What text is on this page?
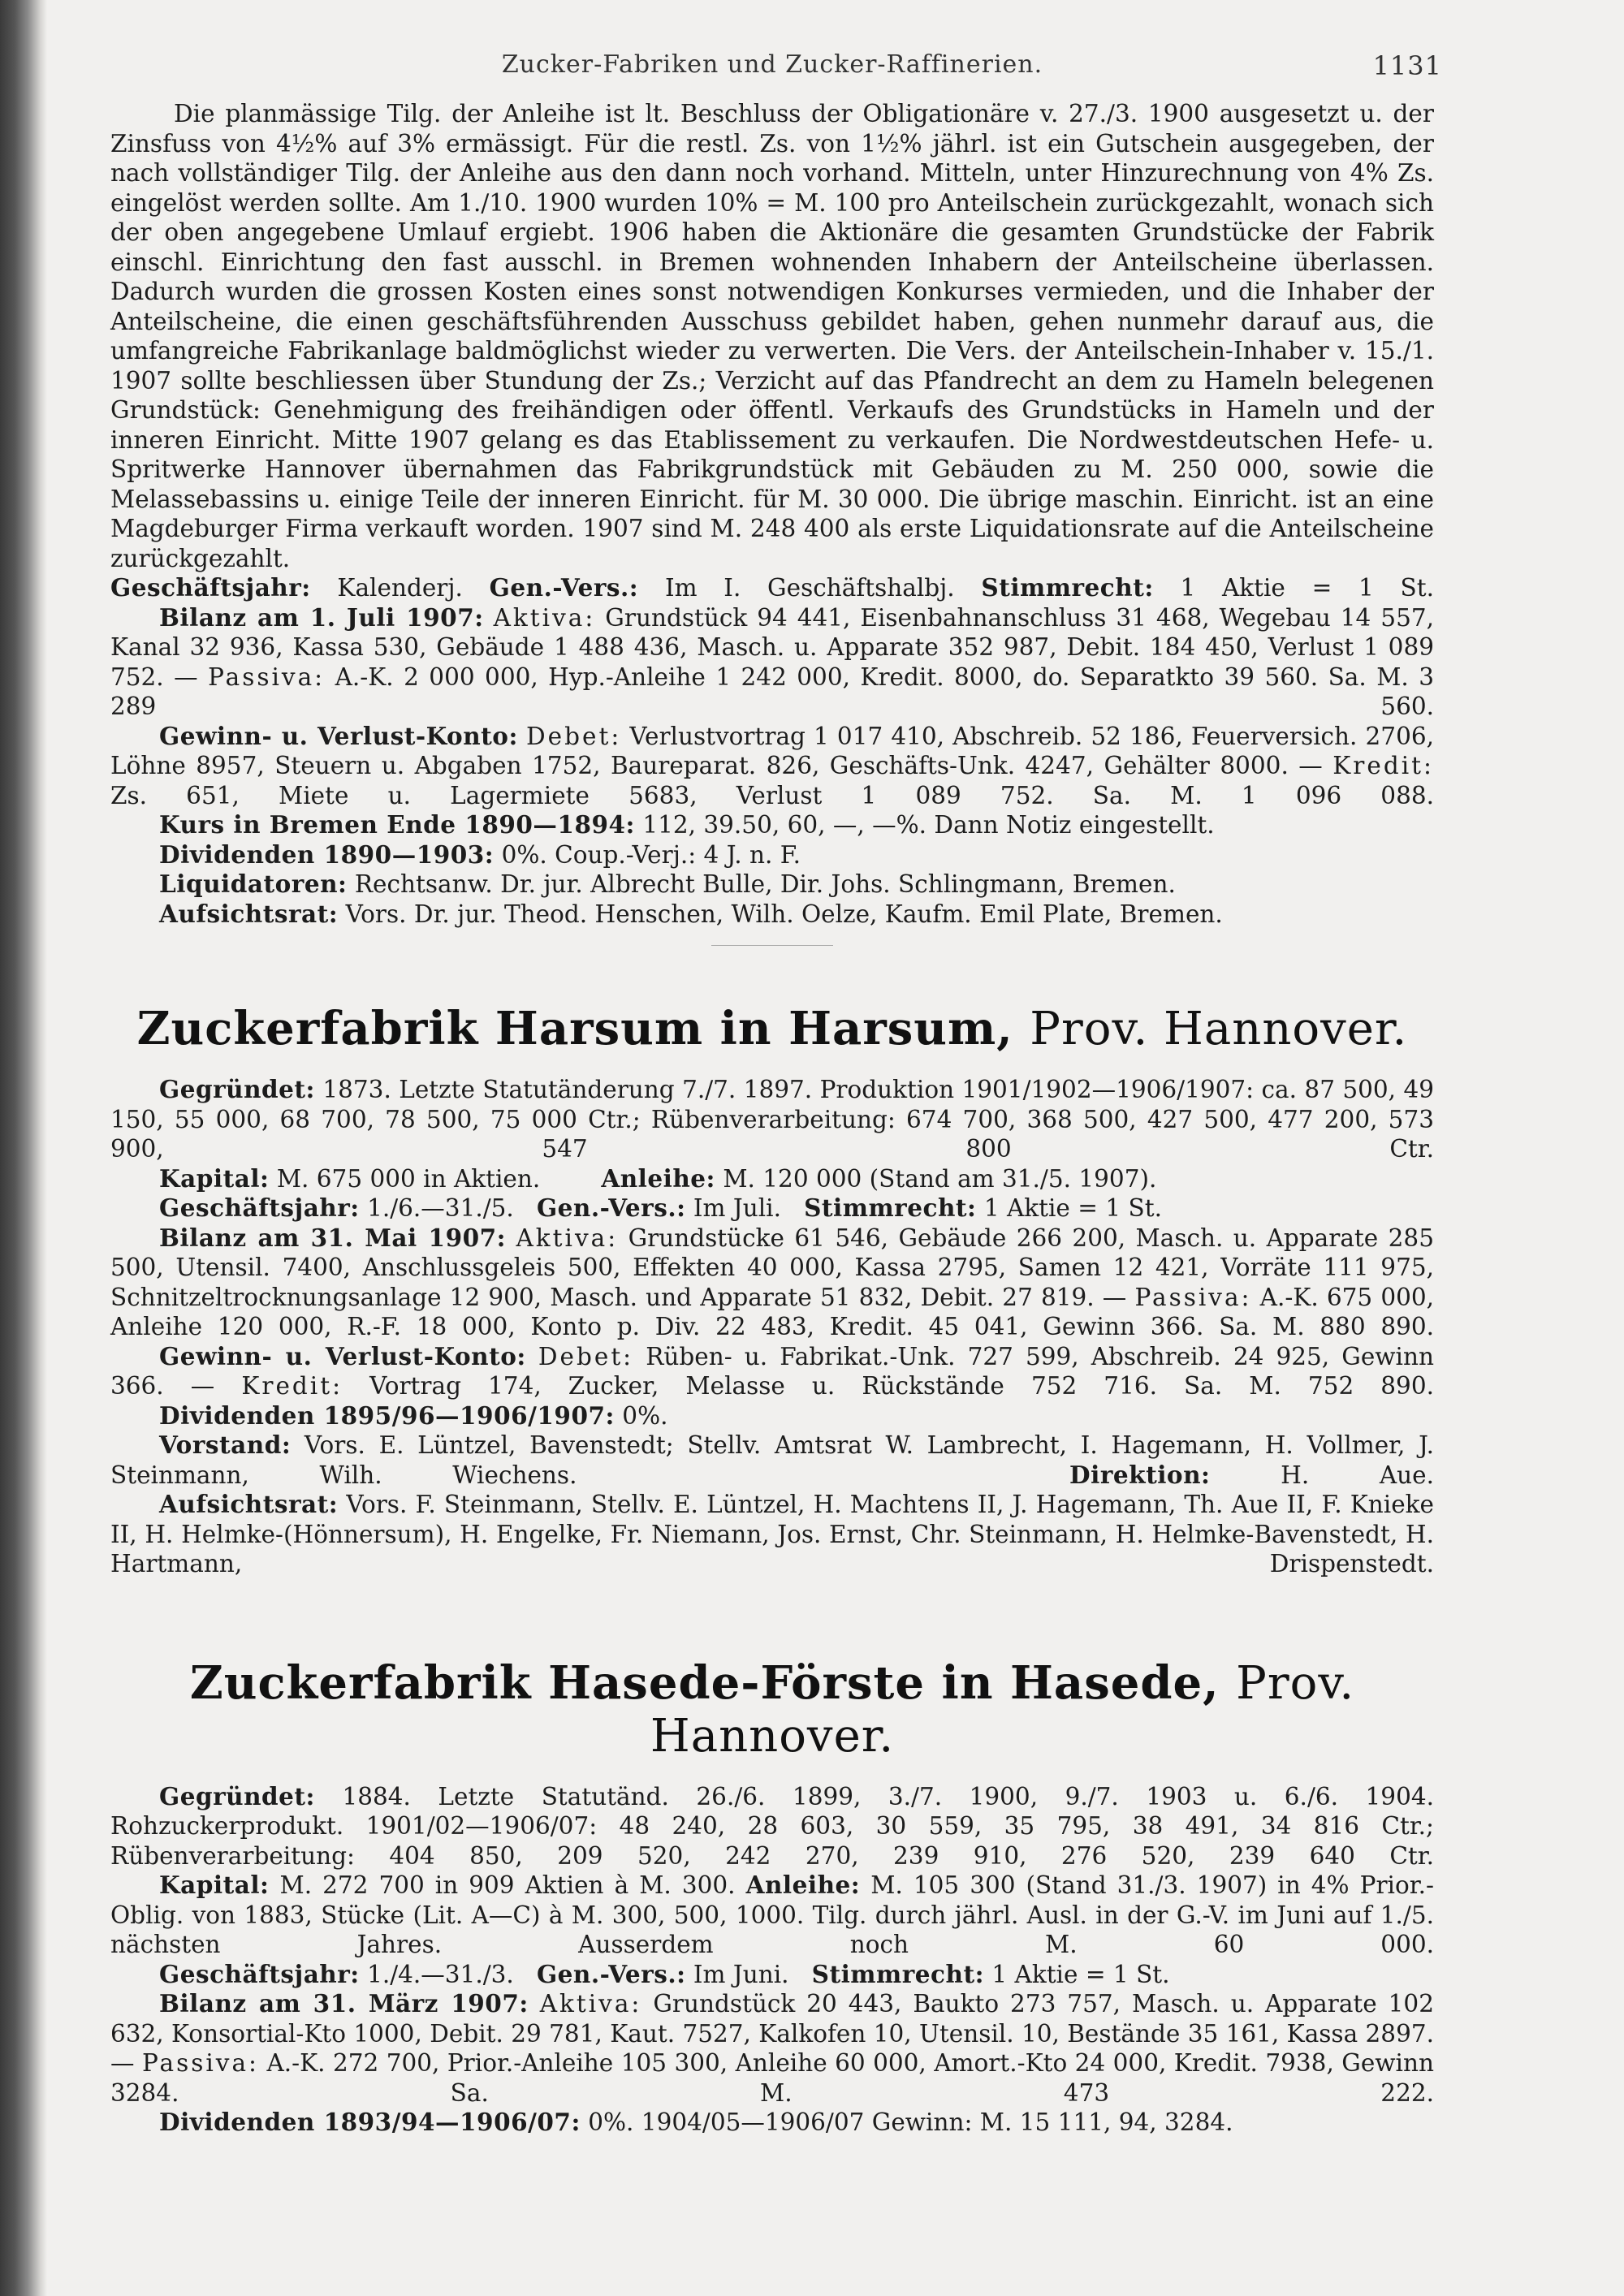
Zucker-Fabriken und Zucker-Raffinerien.	1131

Die planmässige Tilg. der Anleihe ist lt. Beschluss der Obligationäre v. 27./3. 1900 ausgesetzt u. der Zinsfuss von 4½% auf 3% ermässigt. Für die restl. Zs. von 1½% jährl. ist ein Gutschein ausgegeben, der nach vollständiger Tilg. der Anleihe aus den dann noch vorhand. Mitteln, unter Hinzurechnung von 4% Zs. eingelöst werden sollte. Am 1./10. 1900 wurden 10% = M. 100 pro Anteilschein zurückgezahlt, wonach sich der oben angegebene Umlauf ergiebt. 1906 haben die Aktionäre die gesamten Grundstücke der Fabrik einschl. Einrichtung den fast ausschl. in Bremen wohnenden Inhabern der Anteilscheine überlassen. Dadurch wurden die grossen Kosten eines sonst notwendigen Konkurses vermieden, und die Inhaber der Anteilscheine, die einen geschäftsführenden Ausschuss gebildet haben, gehen nunmehr darauf aus, die umfangreiche Fabrikanlage baldmöglichst wieder zu verwerten. Die Vers. der Anteilschein-Inhaber v. 15./1. 1907 sollte beschliessen über Stundung der Zs.; Verzicht auf das Pfandrecht an dem zu Hameln belegenen Grundstück: Genehmigung des freihändigen oder öffentl. Verkaufs des Grundstücks in Hameln und der inneren Einricht. Mitte 1907 gelang es das Etablissement zu verkaufen. Die Nordwestdeutschen Hefe- u. Spritwerke Hannover übernahmen das Fabrikgrundstück mit Gebäuden zu M. 250 000, sowie die Melassebassins u. einige Teile der inneren Einricht. für M. 30 000. Die übrige maschin. Einricht. ist an eine Magdeburger Firma verkauft worden. 1907 sind M. 248 400 als erste Liquidationsrate auf die Anteilscheine zurückgezahlt.

Geschäftsjahr: Kalenderj. Gen.-Vers.: Im I. Geschäftshalbj. Stimmrecht: 1 Aktie = 1 St.

Bilanz am 1. Juli 1907: Aktiva: Grundstück 94 441, Eisenbahnanschluss 31 468, Wegebau 14 557, Kanal 32 936, Kassa 530, Gebäude 1 488 436, Masch. u. Apparate 352 987, Debit. 184 450, Verlust 1 089 752. — Passiva: A.-K. 2 000 000, Hyp.-Anleihe 1 242 000, Kredit. 8000, do. Separatkto 39 560. Sa. M. 3 289 560.

Gewinn- u. Verlust-Konto: Debet: Verlustvortrag 1 017 410, Abschreib. 52 186, Feuerversich. 2706, Löhne 8957, Steuern u. Abgaben 1752, Baureparat. 826, Geschäfts-Unk. 4247, Gehälter 8000. — Kredit: Zs. 651, Miete u. Lagermiete 5683, Verlust 1 089 752. Sa. M. 1 096 088.

Kurs in Bremen Ende 1890—1894: 112, 39.50, 60, —, —%. Dann Notiz eingestellt.

Dividenden 1890—1903: 0%. Coup.-Verj.: 4 J. n. F.

Liquidatoren: Rechtsanw. Dr. jur. Albrecht Bulle, Dir. Johs. Schlingmann, Bremen.

Aufsichtsrat: Vors. Dr. jur. Theod. Henschen, Wilh. Oelze, Kaufm. Emil Plate, Bremen.

Zuckerfabrik Harsum in Harsum, Prov. Hannover.

Gegründet: 1873. Letzte Statutänderung 7./7. 1897. Produktion 1901/1902—1906/1907: ca. 87 500, 49 150, 55 000, 68 700, 78 500, 75 000 Ctr.; Rübenverarbeitung: 674 700, 368 500, 427 500, 477 200, 573 900, 547 800 Ctr.

Kapital: M. 675 000 in Aktien.	Anleihe: M. 120 000 (Stand am 31./5. 1907).

Geschäftsjahr: 1./6.—31./5. Gen.-Vers.: Im Juli. Stimmrecht: 1 Aktie = 1 St.

Bilanz am 31. Mai 1907: Aktiva: Grundstücke 61 546, Gebäude 266 200, Masch. u. Apparate 285 500, Utensil. 7400, Anschlussgeleis 500, Effekten 40 000, Kassa 2795, Samen 12 421, Vorräte 111 975, Schnitzeltrocknungsanlage 12 900, Masch. und Apparate 51 832, Debit. 27 819. — Passiva: A.-K. 675 000, Anleihe 120 000, R.-F. 18 000, Konto p. Div. 22 483, Kredit. 45 041, Gewinn 366. Sa. M. 880 890.

Gewinn- u. Verlust-Konto: Debet: Rüben- u. Fabrikat.-Unk. 727 599, Abschreib. 24 925, Gewinn 366. — Kredit: Vortrag 174, Zucker, Melasse u. Rückstände 752 716. Sa. M. 752 890.

Dividenden 1895/96—1906/1907: 0%.

Vorstand: Vors. E. Lüntzel, Bavenstedt; Stellv. Amtsrat W. Lambrecht, I. Hagemann, H. Vollmer, J. Steinmann, Wilh. Wiechens.	Direktion:	H. Aue.

Aufsichtsrat: Vors. F. Steinmann, Stellv. E. Lüntzel, H. Machtens II, J. Hagemann, Th. Aue II, F. Knieke II, H. Helmke-(Hönnersum), H. Engelke, Fr. Niemann, Jos. Ernst, Chr. Steinmann, H. Helmke-Bavenstedt, H. Hartmann, Drispenstedt.

Zuckerfabrik Hasede-Förste in Hasede, Prov. Hannover.

Gegründet: 1884. Letzte Statutänd. 26./6. 1899, 3./7. 1900, 9./7. 1903 u. 6./6. 1904. Rohzuckerprodukt. 1901/02—1906/07: 48 240, 28 603, 30 559, 35 795, 38 491, 34 816 Ctr.; Rübenverarbeitung: 404 850, 209 520, 242 270, 239 910, 276 520, 239 640 Ctr.

Kapital: M. 272 700 in 909 Aktien à M. 300. Anleihe: M. 105 300 (Stand 31./3. 1907) in 4% Prior.-Oblig. von 1883, Stücke (Lit. A—C) à M. 300, 500, 1000. Tilg. durch jährl. Ausl. in der G.-V. im Juni auf 1./5. nächsten Jahres. Ausserdem noch M. 60 000.

Geschäftsjahr: 1./4.—31./3. Gen.-Vers.: Im Juni. Stimmrecht: 1 Aktie = 1 St.

Bilanz am 31. März 1907: Aktiva: Grundstück 20 443, Baukto 273 757, Masch. u. Apparate 102 632, Konsortial-Kto 1000, Debit. 29 781, Kaut. 7527, Kalkofen 10, Utensil. 10, Bestände 35 161, Kassa 2897. — Passiva: A.-K. 272 700, Prior.-Anleihe 105 300, Anleihe 60 000, Amort.-Kto 24 000, Kredit. 7938, Gewinn 3284. Sa. M. 473 222.

Dividenden 1893/94—1906/07: 0%. 1904/05—1906/07 Gewinn: M. 15 111, 94, 3284.
